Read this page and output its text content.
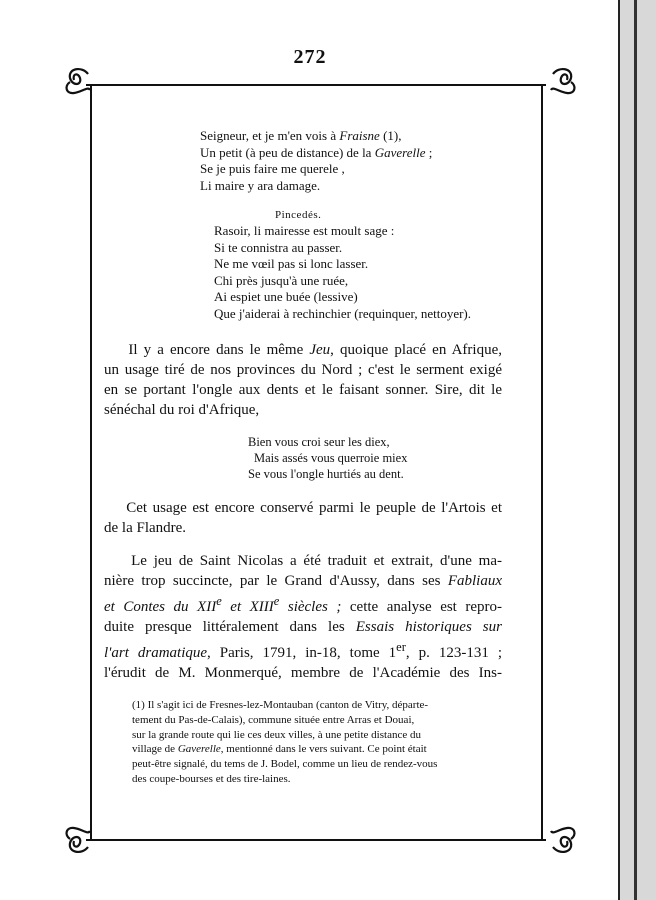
272
Seigneur, et je m'en vois à Fraisne (1),
Un petit (à peu de distance) de la Gaverelle ;
Se je puis faire me querele ,
Li maire y ara damage.
Pincedés.
Rasoir, li mairesse est moult sage :
Si te connistra au passer.
Ne me vœil pas si lonc lasser.
Chi près jusqu'à une ruée,
Ai espiet une buée (lessive)
Que j'aiderai à rechinchier (requinquer, nettoyer).
Il y a encore dans le même Jeu, quoique placé en Afrique,
un usage tiré de nos provinces du Nord ; c'est le serment exigé
en se portant l'ongle aux dents et le faisant sonner. Sire, dit le
sénéchal du roi d'Afrique,
Bien vous croi seur les diex,
Mais assés vous querroie miex
Se vous l'ongle hurtiés au dent.
Cet usage est encore conservé parmi le peuple de l'Artois et
de la Flandre.
Le jeu de Saint Nicolas a été traduit et extrait, d'une ma-
nière trop succincte, par le Grand d'Aussy, dans ses Fabliaux
et Contes du XIIe et XIIIe siècles ; cette analyse est repro-
duite presque littéralement dans les Essais historiques sur
l'art dramatique, Paris, 1791, in-18, tome 1er, p. 123-131 ;
l'érudit de M. Monmerqué, membre de l'Académie des Ins-
(1) Il s'agit ici de Fresnes-lez-Montauban (canton de Vitry, départe-
tement du Pas-de-Calais), commune située entre Arras et Douai,
sur la grande route qui lie ces deux villes, à une petite distance du
village de Gaverelle, mentionné dans le vers suivant. Ce point était
peut-être signalé, du tems de J. Bodel, comme un lieu de rendez-vous
des coupe-bourses et des tire-laines.
